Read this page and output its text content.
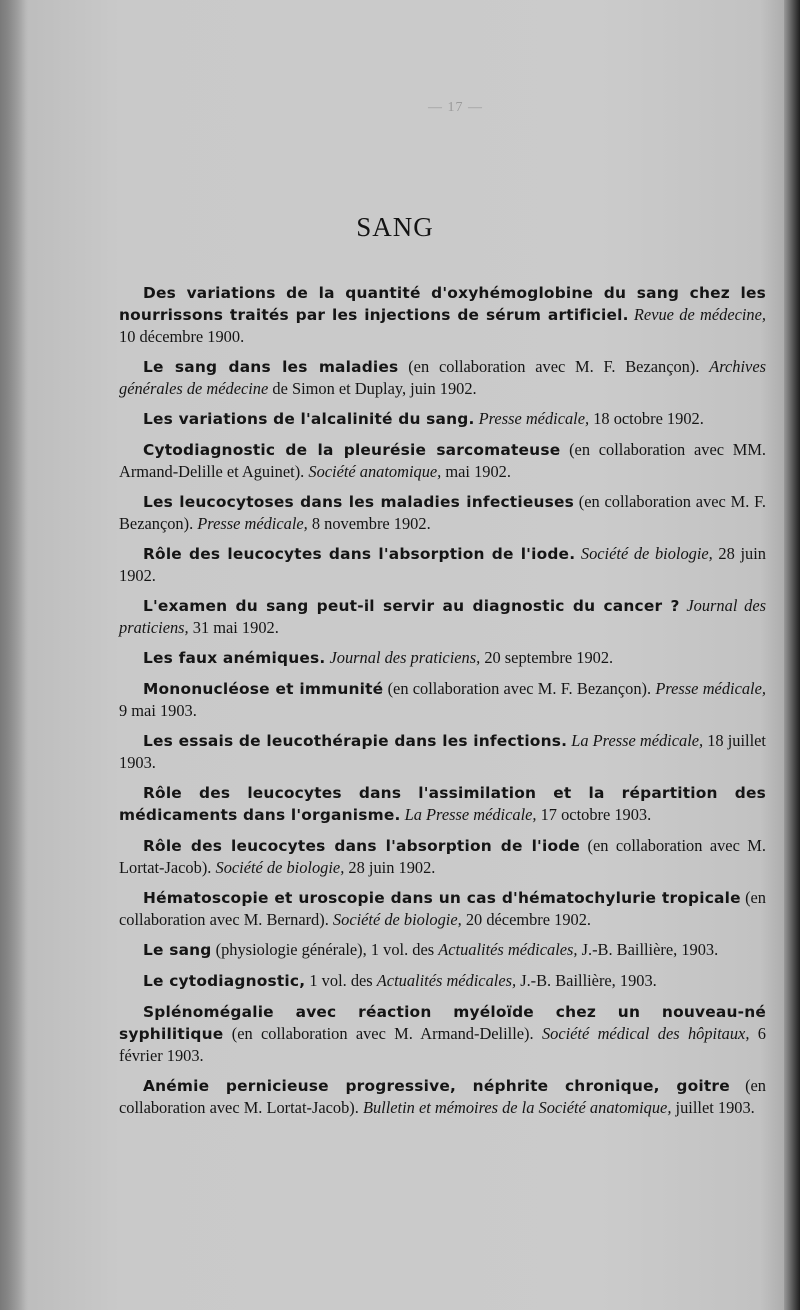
— 17 —
SANG

Des variations de la quantité d'oxyhémoglobine du sang chez les nourrissons traités par les injections de sérum artificiel. Revue de médecine, 10 décembre 1900.

Le sang dans les maladies (en collaboration avec M. F. Bezançon). Archives générales de médecine de Simon et Duplay, juin 1902.

Les variations de l'alcalinité du sang. Presse médicale, 18 octobre 1902.

Cytodiagnostic de la pleurésie sarcomateuse (en collaboration avec MM. Armand-Delille et Aguinet). Société anatomique, mai 1902.

Les leucocytoses dans les maladies infectieuses (en collaboration avec M. F. Bezançon). Presse médicale, 8 novembre 1902.

Rôle des leucocytes dans l'absorption de l'iode. Société de biologie, 28 juin 1902.

L'examen du sang peut-il servir au diagnostic du cancer ? Journal des praticiens, 31 mai 1902.

Les faux anémiques. Journal des praticiens, 20 septembre 1902.

Mononucléose et immunité (en collaboration avec M. F. Bezançon). Presse médicale, 9 mai 1903.

Les essais de leucothérapie dans les infections. La Presse médicale, 18 juillet 1903.

Rôle des leucocytes dans l'assimilation et la répartition des médicaments dans l'organisme. La Presse médicale, 17 octobre 1903.

Rôle des leucocytes dans l'absorption de l'iode (en collaboration avec M. Lortat-Jacob). Société de biologie, 28 juin 1902.

Hématoscopie et uroscopie dans un cas d'hématochylurie tropicale (en collaboration avec M. Bernard). Société de biologie, 20 décembre 1902.

Le sang (physiologie générale), 1 vol. des Actualités médicales, J.-B. Baillière, 1903.

Le cytodiagnostic, 1 vol. des Actualités médicales, J.-B. Baillière, 1903.

Splénomégalie avec réaction myéloïde chez un nouveau-né syphilitique (en collaboration avec M. Armand-Delille). Société médical des hôpitaux, 6 février 1903.

Anémie pernicieuse progressive, néphrite chronique, goitre (en collaboration avec M. Lortat-Jacob). Bulletin et mémoires de la Société anatomique, juillet 1903.
